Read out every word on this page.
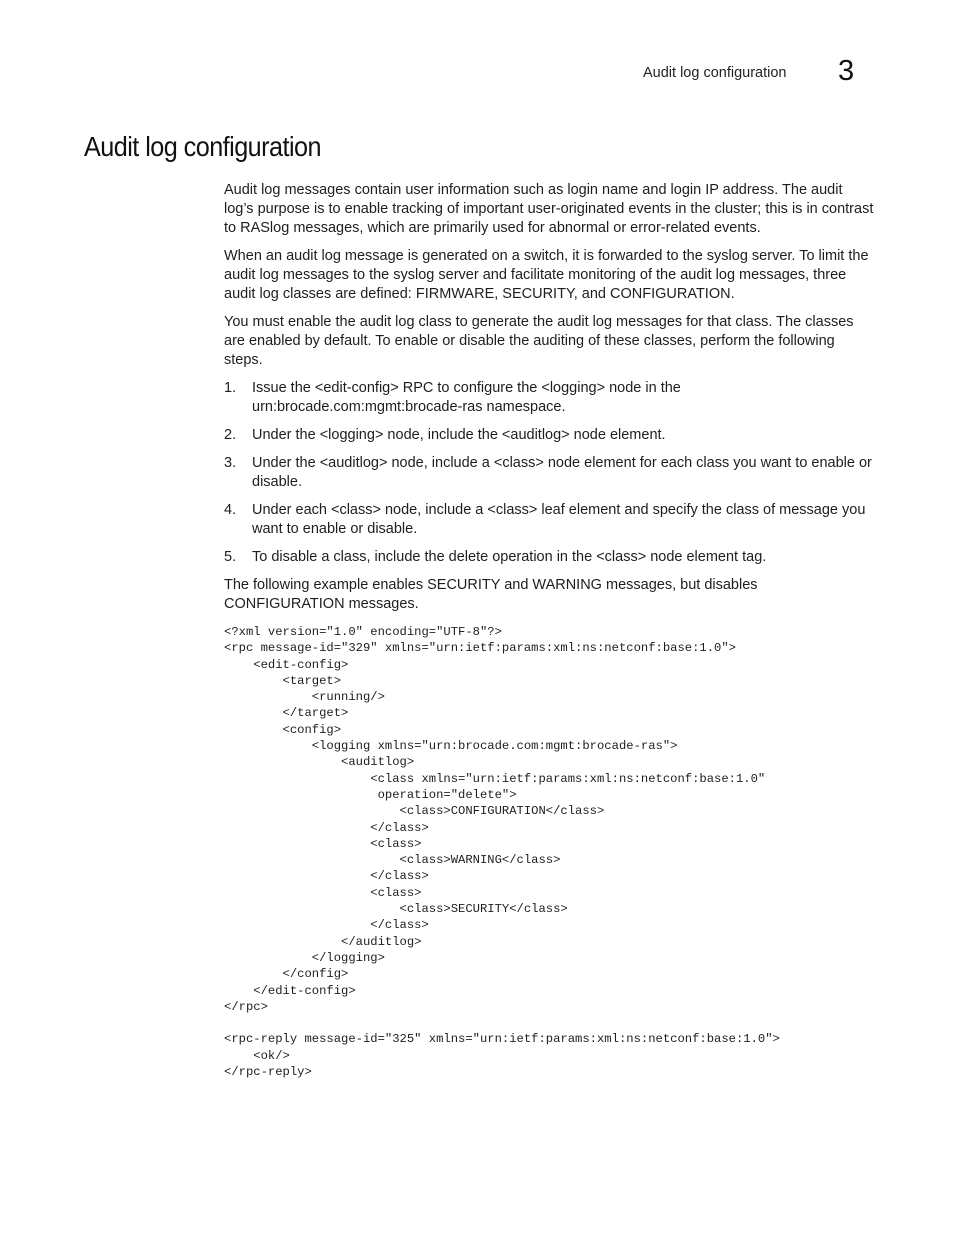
Audit log configuration 3
Audit log configuration

Audit log messages contain user information such as login name and login IP address. The audit log’s purpose is to enable tracking of important user-originated events in the cluster; this is in contrast to RASlog messages, which are primarily used for abnormal or error-related events.

When an audit log message is generated on a switch, it is forwarded to the syslog server. To limit the audit log messages to the syslog server and facilitate monitoring of the audit log messages, three audit log classes are defined: FIRMWARE, SECURITY, and CONFIGURATION.

You must enable the audit log class to generate the audit log messages for that class. The classes are enabled by default. To enable or disable the auditing of these classes, perform the following steps.

1. Issue the <edit-config> RPC to configure the <logging> node in the urn:brocade.com:mgmt:brocade-ras namespace.
2. Under the <logging> node, include the <auditlog> node element.
3. Under the <auditlog> node, include a <class> node element for each class you want to enable or disable.
4. Under each <class> node, include a <class> leaf element and specify the class of message you want to enable or disable.
5. To disable a class, include the delete operation in the <class> node element tag.

The following example enables SECURITY and WARNING messages, but disables CONFIGURATION messages.

<?xml version="1.0" encoding="UTF-8"?>
<rpc message-id="329" xmlns="urn:ietf:params:xml:ns:netconf:base:1.0">
<edit-config>
<target>
<running/>
</target>
<config>
<logging xmlns="urn:brocade.com:mgmt:brocade-ras">
<auditlog>
<class xmlns="urn:ietf:params:xml:ns:netconf:base:1.0"
operation="delete">
<class>CONFIGURATION</class>
</class>
<class>
<class>WARNING</class>
</class>
<class>
<class>SECURITY</class>
</class>
</auditlog>
</logging>
</config>
</edit-config>
</rpc>

<rpc-reply message-id="325" xmlns="urn:ietf:params:xml:ns:netconf:base:1.0">
<ok/>
</rpc-reply>
